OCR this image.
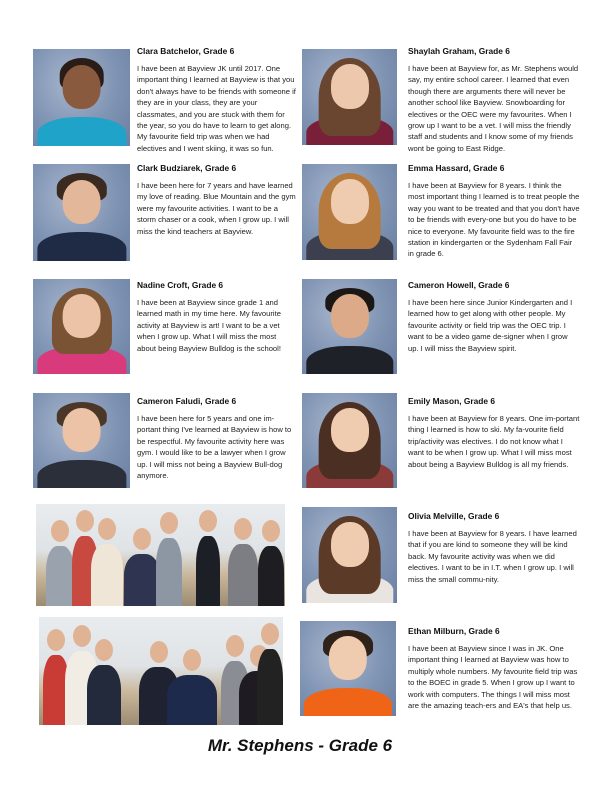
Clara Batchelor, Grade 6
I have been at Bayview JK until 2017. One important thing I learned at Bayview is that you don't always have to be friends with someone if they are in your class, they are your classmates, and you are stuck with them for the year, so you do have to learn to get along. My favourite field trip was when we had electives and I went skiing, it was so fun.
Clark Budziarek, Grade 6
I have been here for 7 years and have learned my love of reading. Blue Mountain and the gym were my favourite activities. I want to be a storm chaser or a cook, when I grow up. I will miss the kind teachers at Bayview.
Nadine Croft, Grade 6
I have been at Bayview since grade 1 and learned math in my time here. My favourite activity at Bayview is art! I want to be a vet when I grow up. What I will miss the most about being Bayview Bulldog is the school!
Cameron Faludi, Grade 6
I have been here for 5 years and one im-portant thing I've learned at Bayview is how to be respectful. My favourite activity here was gym. I would like to be a lawyer when I grow up. I will miss not being a Bayview Bull-dog anymore.
Shaylah Graham, Grade 6
I have been at Bayview for, as Mr. Stephens would say, my entire school career. I learned that even though there are arguments there will never be another school like Bayview. Snowboarding for electives or the OEC were my favourites. When I grow up I want to be a vet. I will miss the friendly staff and students and I know some of my friends wont be going to East Ridge.
Emma Hassard, Grade 6
I have been at Bayview for 8 years. I think the most important thing I learned is to treat people the way you want to be treated and that you don't have to be friends with every-one but you do have to be nice to everyone. My favourite field was to the fire station in kindergarten or the Sydenham Fall Fair in grade 6.
Cameron Howell, Grade 6
I have been here since Junior Kindergarten and I learned how to get along with other people. My favourite activity or field trip was the OEC trip. I want to be a video game de-signer when I grow up. I will miss the Bayview spirit.
Emily Mason, Grade 6
I have been at Bayview for 8 years. One im-portant thing I learned is how to ski. My fa-vourite field trip/activity was electives. I do not know what I want to be when I grow up. What I will miss most about being a Bayview Bulldog is all my friends.
Olivia Melville, Grade 6
I have been at Bayview for 8 years. I have learned that if you are kind to someone they will be kind back. My favourite activity was when we did electives. I want to be in I.T. when I grow up. I will miss the small commu-nity.
Ethan Milburn, Grade 6
I have been at Bayview since I was in JK. One important thing I learned at Bayview was how to multiply whole numbers. My favourite field trip was to the BOEC in grade 5. When I grow up I want to work with computers. The things I will miss most are the amazing teach-ers and EA's that help us.
Mr. Stephens - Grade 6
